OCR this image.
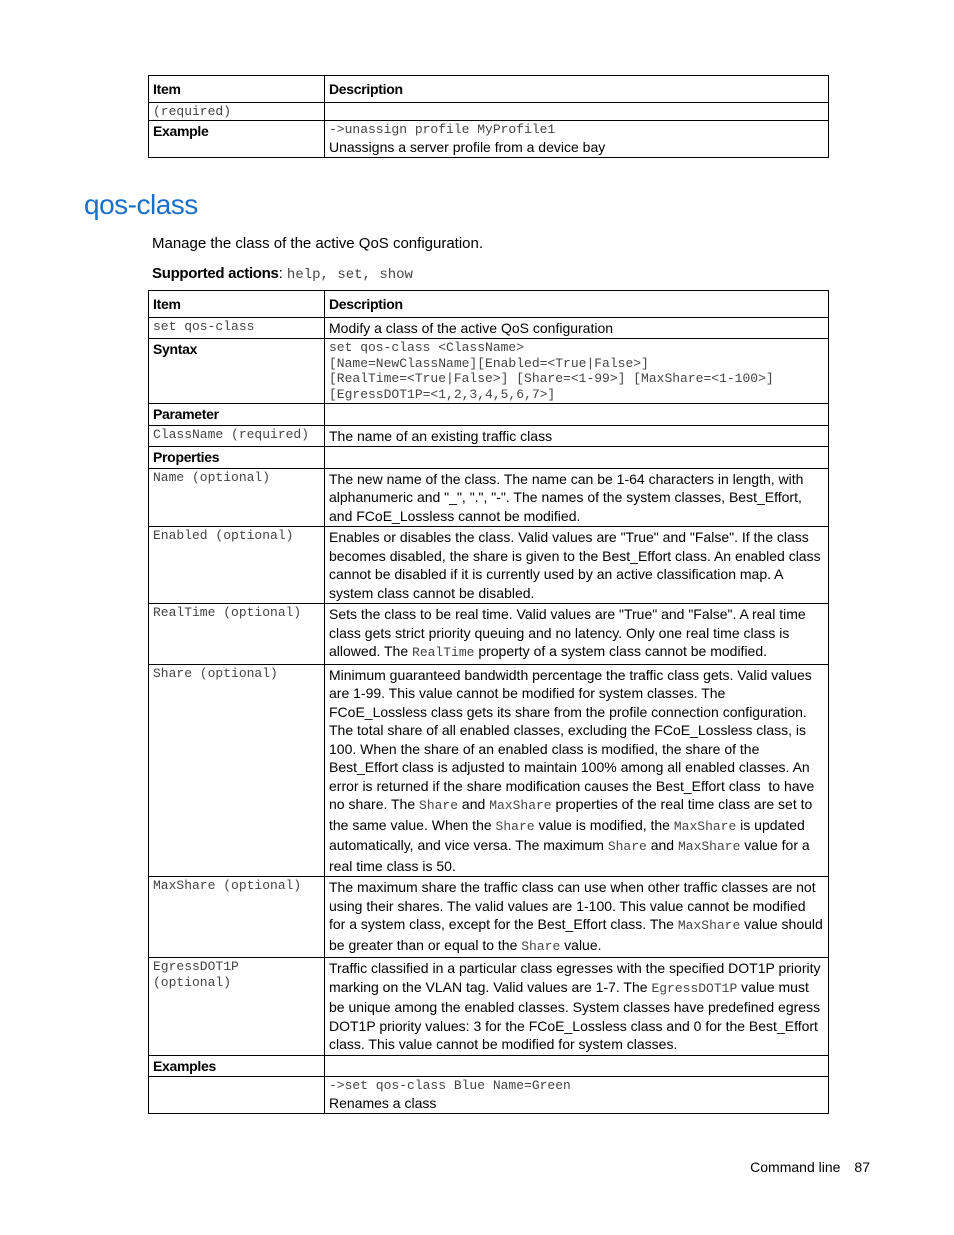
Item	Description
(required)	
Example	->unassign profile MyProfile1
Unassigns a server profile from a device bay
qos-class

Manage the class of the active QoS configuration.

Supported actions: help, set, show

Item	Description
set qos-class	Modify a class of the active QoS configuration
Syntax	set qos-class <ClassName>
[Name=NewClassName][Enabled=<True|False>]
[RealTime=<True|False>] [Share=<1-99>] [MaxShare=<1-100>]
[EgressDOT1P=<1,2,3,4,5,6,7>]

Parameter	
ClassName (required)	The name of an existing traffic class
Properties	
Name (optional)	The new name of the class. The name can be 1-64 characters in length, with alphanumeric and "_", ".", "-". The names of the system classes, Best_Effort, and FCoE_Lossless cannot be modified.
Enabled (optional)	Enables or disables the class. Valid values are "True" and "False". If the class becomes disabled, the share is given to the Best_Effort class. An enabled class cannot be disabled if it is currently used by an active classification map. A system class cannot be disabled.
RealTime (optional)	Sets the class to be real time. Valid values are "True" and "False". A real time class gets strict priority queuing and no latency. Only one real time class is allowed. The RealTime property of a system class cannot be modified.
Share (optional)	Minimum guaranteed bandwidth percentage the traffic class gets. Valid values are 1-99. This value cannot be modified for system classes. The FCoE_Lossless class gets its share from the profile connection configuration. The total share of all enabled classes, excluding the FCoE_Lossless class, is 100. When the share of an enabled class is modified, the share of the Best_Effort class is adjusted to maintain 100% among all enabled classes. An error is returned if the share modification causes the Best_Effort class  to have no share. The Share and MaxShare properties of the real time class are set to the same value. When the Share value is modified, the MaxShare is updated automatically, and vice versa. The maximum Share and MaxShare value for a real time class is 50.
MaxShare (optional)	The maximum share the traffic class can use when other traffic classes are not using their shares. The valid values are 1-100. This value cannot be modified for a system class, except for the Best_Effort class. The MaxShare value should be greater than or equal to the Share value.
EgressDOT1P (optional)	Traffic classified in a particular class egresses with the specified DOT1P priority marking on the VLAN tag. Valid values are 1-7. The EgressDOT1P value must be unique among the enabled classes. System classes have predefined egress DOT1P priority values: 3 for the FCoE_Lossless class and 0 for the Best_Effort class. This value cannot be modified for system classes.
Examples	

	->set qos-class Blue Name=Green
Renames a class
Command line 87
